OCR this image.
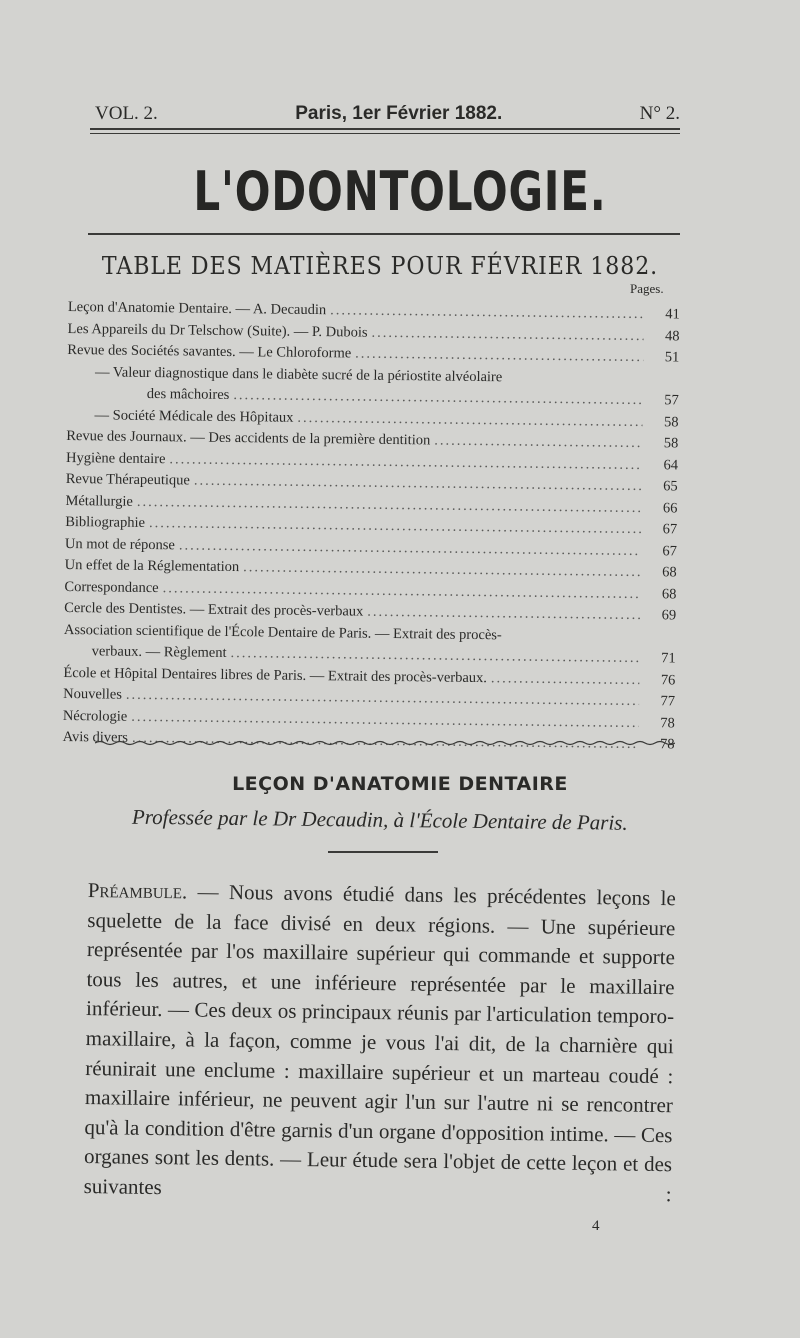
VOL. 2.	Paris, 1er Février 1882.	N° 2.
L'ODONTOLOGIE.
TABLE DES MATIÈRES POUR FÉVRIER 1882.
Pages.
Leçon d'Anatomie Dentaire. — A. Decaudin .....	41
Les Appareils du Dr Telschow (Suite). — P. Dubois .....	48
Revue des Sociétés savantes. — Le Chloroforme .....	51
— Valeur diagnostique dans le diabète sucré de la périostite alvéolaire
des mâchoires .....	57
— Société Médicale des Hôpitaux .....	58
Revue des Journaux. — Des accidents de la première dentition .....	58
Hygiène dentaire .....	64
Revue Thérapeutique .....	65
Métallurgie .....	66
Bibliographie .....	67
Un mot de réponse .....	67
Un effet de la Réglementation .....	68
Correspondance .....	68
Cercle des Dentistes. — Extrait des procès-verbaux .....	69
Association scientifique de l'École Dentaire de Paris. — Extrait des procès-
verbaux. — Règlement .....	71
École et Hôpital Dentaires libres de Paris. — Extrait des procès-verbaux. .....	76
Nouvelles .....	77
Nécrologie .....	78
Avis divers .....	78
LEÇON D'ANATOMIE DENTAIRE
Professée par le Dr Decaudin, à l'École Dentaire de Paris.

Préambule. — Nous avons étudié dans les précédentes leçons le squelette de la face divisé en deux régions. — Une supérieure représentée par l'os maxillaire supérieur qui commande et supporte tous les autres, et une inférieure représentée par le maxillaire inférieur. — Ces deux os principaux réunis par l'articulation temporo-maxillaire, à la façon, comme je vous l'ai dit, de la charnière qui réunirait une enclume : maxillaire supérieur et un marteau coudé : maxillaire inférieur, ne peuvent agir l'un sur l'autre ni se rencontrer qu'à la condition d'être garnis d'un organe d'opposition intime. — Ces organes sont les dents. — Leur étude sera l'objet de cette leçon et des suivantes :

4
